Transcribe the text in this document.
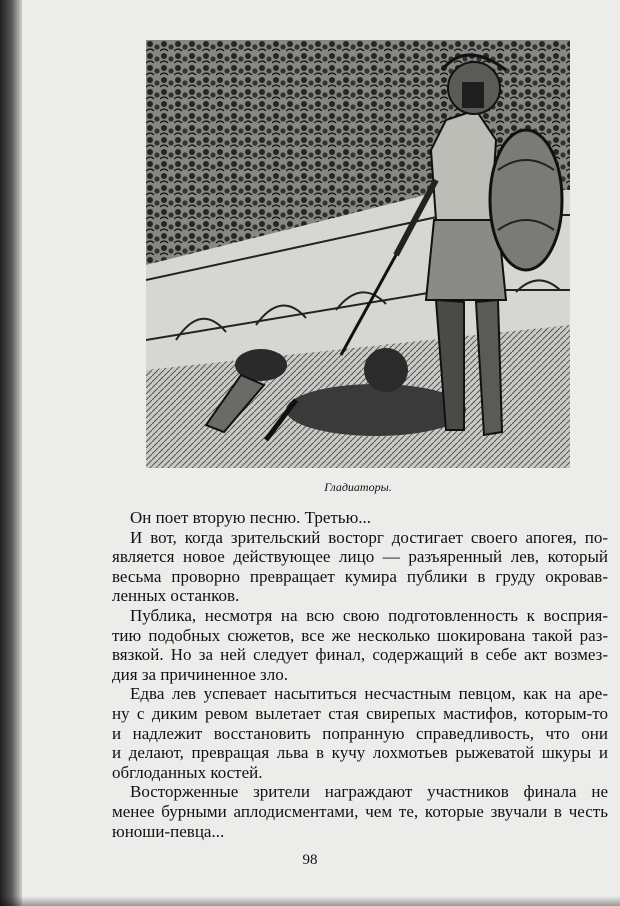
Гладиаторы.

Он поет вторую песню. Третью...

И вот, когда зрительский восторг достигает своего апогея, по-
является новое действующее лицо — разъяренный лев, который
весьма проворно превращает кумира публики в груду окровав-
ленных останков.

Публика, несмотря на всю свою подготовленность к восприя-
тию подобных сюжетов, все же несколько шокирована такой раз-
вязкой. Но за ней следует финал, содержащий в себе акт возмез-
дия за причиненное зло.

Едва лев успевает насытиться несчастным певцом, как на аре-
ну с диким ревом вылетает стая свирепых мастифов, которым-то
и надлежит восстановить попранную справедливость, что они
и делают, превращая льва в кучу лохмотьев рыжеватой шкуры и
обглоданных костей.

Восторженные зрители награждают участников финала не
менее бурными аплодисментами, чем те, которые звучали в честь
юноши-певца...

98
